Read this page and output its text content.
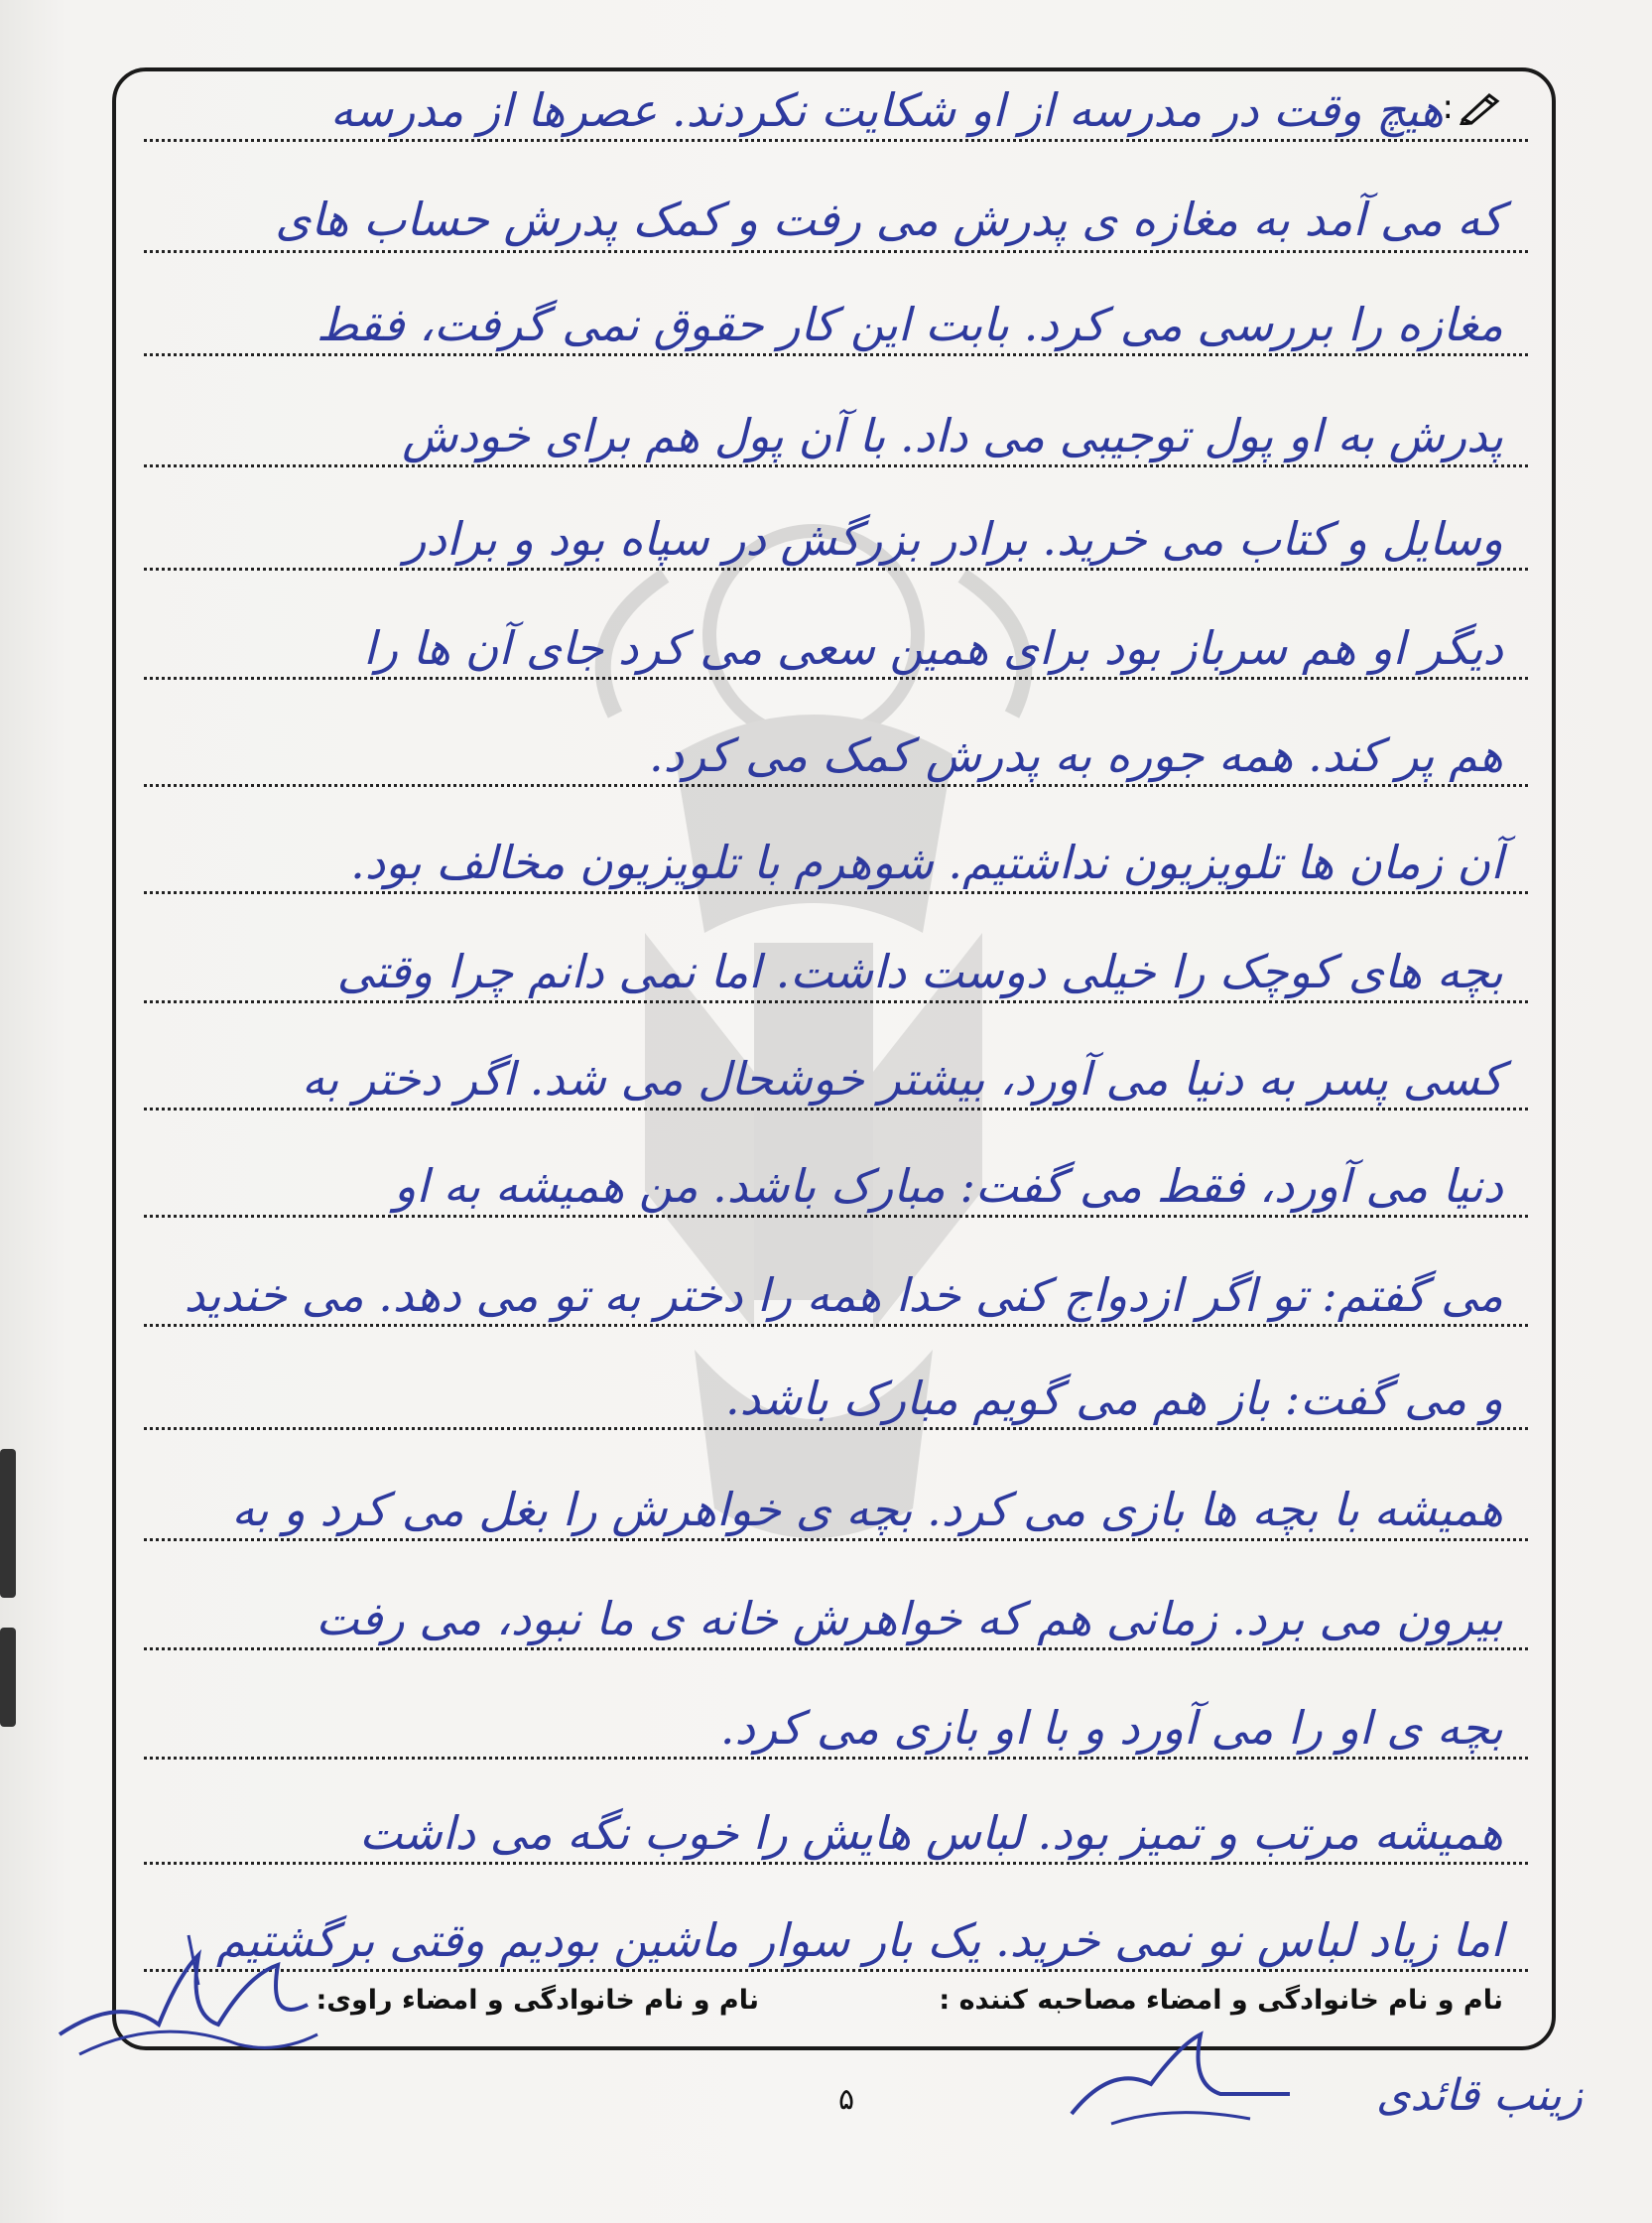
:
هیچ وقت در مدرسه از او شکایت نکردند. عصرها از مدرسه
که می آمد به مغازه ی پدرش می رفت و کمک پدرش حساب های
مغازه را بررسی می کرد. بابت این کار حقوق نمی گرفت، فقط
پدرش به او پول توجیبی می داد. با آن پول هم برای خودش
وسایل و کتاب می خرید. برادر بزرگش در سپاه بود و برادر
دیگر او هم سرباز بود برای همین سعی می کرد جای آن ها را
هم پر کند. همه جوره به پدرش کمک می کرد.
آن زمان ها تلویزیون نداشتیم. شوهرم با تلویزیون مخالف بود.
بچه های کوچک را خیلی دوست داشت. اما نمی دانم چرا وقتی
کسی پسر به دنیا می آورد، بیشتر خوشحال می شد. اگر دختر به
دنیا می آورد، فقط می گفت: مبارک باشد. من همیشه به او
می گفتم: تو اگر ازدواج کنی خدا همه را دختر به تو می دهد. می خندید
و می گفت: باز هم می گویم مبارک باشد.
همیشه با بچه ها بازی می کرد. بچه ی خواهرش را بغل می کرد و به
بیرون می برد. زمانی هم که خواهرش خانه ی ما نبود، می رفت
بچه ی او را می آورد و با او بازی می کرد.
همیشه مرتب و تمیز بود. لباس هایش را خوب نگه می داشت
اما زیاد لباس نو نمی خرید. یک بار سوار ماشین بودیم وقتی برگشتیم
نام و نام خانوادگی و امضاء مصاحبه کننده :
نام و نام خانوادگی و امضاء راوی:
زینب قائدی
۵
